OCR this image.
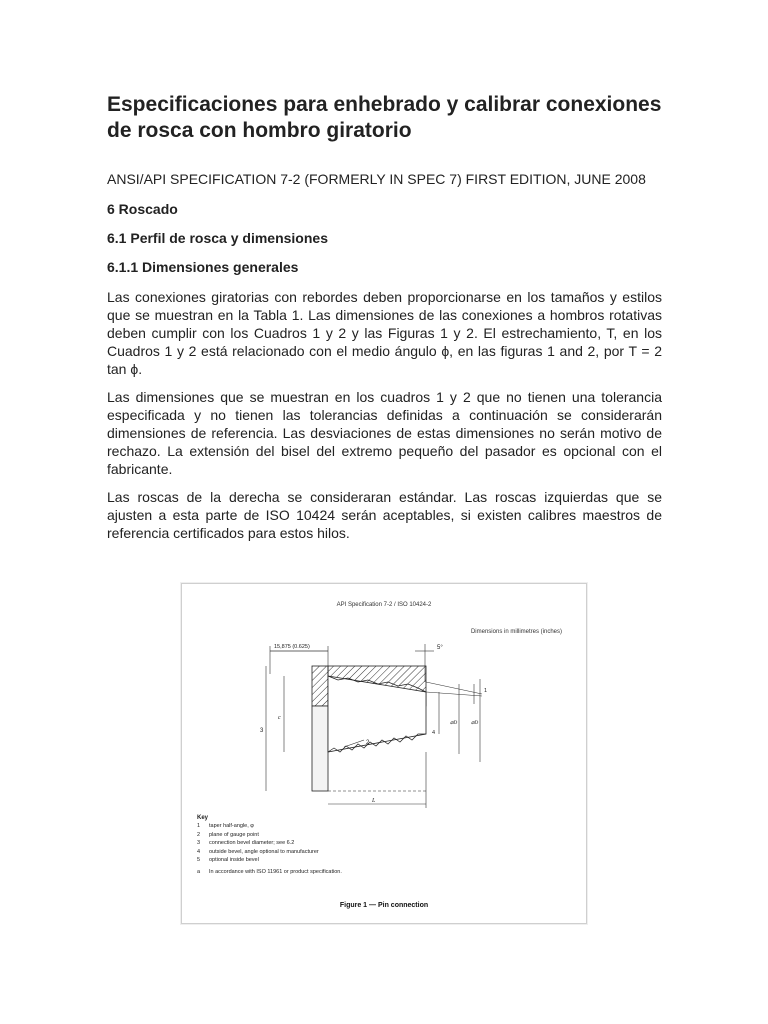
Especificaciones para enhebrado y calibrar conexiones de rosca con hombro giratorio
ANSI/API SPECIFICATION 7-2 (FORMERLY IN SPEC 7) FIRST EDITION, JUNE 2008
6 Roscado
6.1 Perfil de rosca y dimensiones
6.1.1 Dimensiones generales

Las conexiones giratorias con rebordes deben proporcionarse en los tamaños y estilos que se muestran en la Tabla 1. Las dimensiones de las conexiones a hombros rotativas deben cumplir con los Cuadros 1 y 2 y las Figuras 1 y 2. El estrechamiento, T, en los Cuadros 1 y 2 está relacionado con el medio ángulo ϕ, en las figuras 1 and 2, por T = 2 tan ϕ.

Las dimensiones que se muestran en los cuadros 1 y 2 que no tienen una tolerancia especificada y no tienen las tolerancias definidas a continuación se considerarán dimensiones de referencia. Las desviaciones de estas dimensiones no serán motivo de rechazo. La extensión del bisel del extremo pequeño del pasador es opcional con el fabricante.

Las roscas de la derecha se consideraran estándar. Las roscas izquierdas que se ajusten a esta parte de ISO 10424 serán aceptables, si existen calibres maestros de referencia certificados para estos hilos.

API Specification 7-2 / ISO 10424-2
Dimensions in millimetres (inches)
15,875 (0.625)	5°
3
c
2
4
⌀D ⌀D
1
L
Key
1	taper half-angle, φ
2	plane of gauge point
3	connection bevel diameter; see 6.2
4	outside bevel, angle optional to manufacturer
5	optional inside bevel
a	In accordance with ISO 11961 or product specification.
Figure 1 — Pin connection
